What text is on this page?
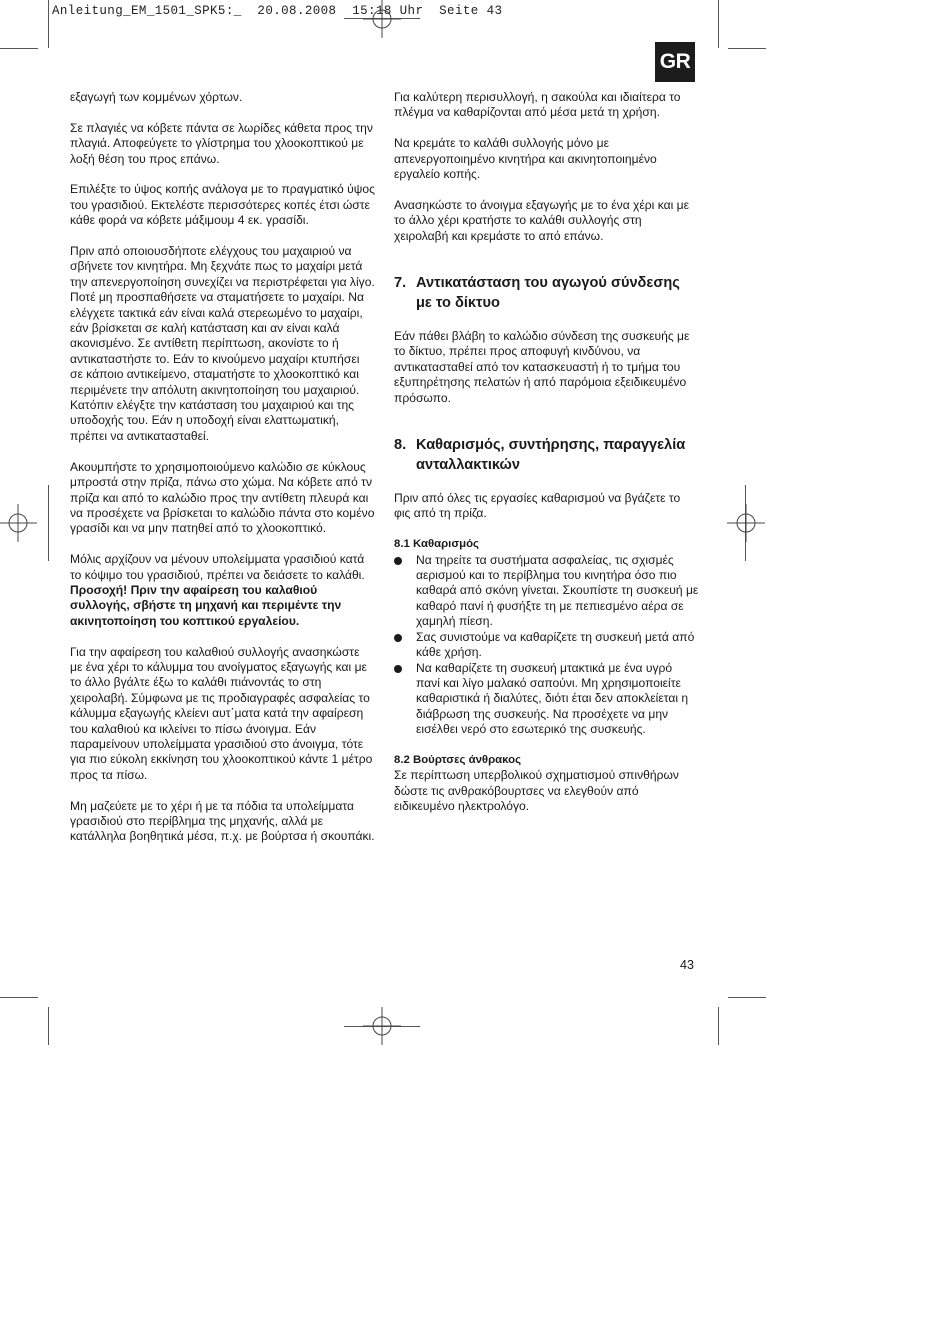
Anleitung_EM_1501_SPK5:_  20.08.2008  15:18 Uhr  Seite 43
GR

εξαγωγή των κομμένων χόρτων.

Σε πλαγιές να κόβετε πάντα σε λωρίδες κάθετα προς την πλαγιά. Αποφεύγετε το γλίστρημα του χλοοκοπτικού με λοξή θέση του προς επάνω.

Επιλέξτε το ύψος κοπής ανάλογα με το πραγματικό ύψος του γρασιδιού. Εκτελέστε περισσότερες κοπές έτσι ώστε κάθε φορά να κόβετε μάξιμουμ 4 εκ. γρασίδι.

Πριν από οποιουσδήποτε ελέγχους του μαχαιριού να σβήνετε τον κινητήρα. Μη ξεχνάτε πως το μαχαίρι μετά την απενεργοποίηση συνεχίζει να περιστρέφεται για λίγο. Ποτέ μη προσπαθήσετε να σταματήσετε το μαχαίρι. Να ελέγχετε τακτικά εάν είναι καλά στερεωμένο το μαχαίρι, εάν βρίσκεται σε καλή κατάσταση και αν είναι καλά ακονισμένο. Σε αντίθετη περίπτωση, ακονίστε το ή αντικαταστήστε το. Εάν το κινούμενο μαχαίρι κτυπήσει σε κάποιο αντικείμενο, σταματήστε το χλοοκοπτικό και περιμένετε την απόλυτη ακινητοποίηση του μαχαιριού. Κατόπιν ελέγξτε την κατάσταση του μαχαιριού και της υποδοχής του. Εάν η υποδοχή είναι ελαττωματική, πρέπει να αντικατασταθεί.

Ακουμπήστε το χρησιμοποιούμενο καλώδιο σε κύκλους μπροστά στην πρίζα, πάνω στο χώμα. Να κόβετε από τν πρίζα και από το καλώδιο προς την αντίθετη πλευρά και να προσέχετε να βρίσκεται το καλώδιο πάντα στο κομένο γρασίδι και να μην πατηθεί από το χλοοκοπτικό.

Μόλις αρχίζουν να μένουν υπολείμματα γρασιδιού κατά το κόψιμο του γρασιδιού, πρέπει να δειάσετε το καλάθι.

Προσοχή! Πριν την αφαίρεση του καλαθιού συλλογής, σβήστε τη μηχανή και περιμέντε την ακινητοποίηση του κοπτικού εργαλείου.

Για την αφαίρεση του καλαθιού συλλογής ανασηκώστε με ένα χέρι το κάλυμμα του ανοίγματος εξαγωγής και με το άλλο βγάλτε έξω το καλάθι πιάνοντάς το στη χειρολαβή. Σύμφωνα με τις προδιαγραφές ασφαλείας το κάλυμμα εξαγωγής κλείεvι αυτ΄ματα κατά την αφαίρεση του καλαθιού κα ικλείνει το πίσω άνοιγμα. Εάν παραμείνουν υπολείμματα γρασιδιού στο άνοιγμα, τότε για πιο εύκολη εκκίνηση του χλοοκοπτικού κάντε 1 μέτρο προς τα πίσω.

Μη μαζεύετε με το χέρι ή με τα πόδια τα υπολείμματα γρασιδιού στο περίβλημα της μηχανής, αλλά με κατάλληλα βοηθητικά μέσα, π.χ. με βούρτσα ή σκουπάκι.

Για καλύτερη περισυλλογή, η σακούλα και ιδιαίτερα το πλέγμα να καθαρίζονται από μέσα μετά τη χρήση.

Να κρεμάτε το καλάθι συλλογής μόνο με απενεργοποιημένο κινητήρα και ακινητοποιημένο εργαλείο κοπής.

Ανασηκώστε το άνοιγμα εξαγωγής με το ένα χέρι και με το άλλο χέρι κρατήστε το καλάθι συλλογής στη χειρολαβή και κρεμάστε το από επάνω.

7. Αντικατάσταση του αγωγού σύνδεσης με το δίκτυο

Εάν πάθει βλάβη το καλώδιο σύνδεση της συσκευής με το δίκτυο, πρέπει προς αποφυγή κινδύνου, να αντικατασταθεί από τον κατασκευαστή ή το τμήμα του εξυπηρέτησης πελατών ή από παρόμοια εξειδικευμένο πρόσωπο.

8. Καθαρισμός, συντήρησης, παραγγελία ανταλλακτικών

Πριν από όλες τις εργασίες καθαρισμού να βγάζετε το φις από τη πρίζα.

8.1 Καθαρισμός
Να τηρείτε τα συστήματα ασφαλείας, τις σχισμές αερισμού και το περίβλημα του κινητήρα όσο πιο καθαρά από σκόνη γίνεται. Σκουπίστε τη συσκευή με καθαρό πανί ή φυσήξτε τη με πεπιεσμένο αέρα σε χαμηλή πίεση.
Σας συνιστούμε να καθαρίζετε τη συσκευή μετά από κάθε χρήση.
Να καθαρίζετε τη συσκευή μτακτικά με ένα υγρό πανί και λίγο μαλακό σαπούνι. Μη χρησιμοποιείτε καθαριστικά ή διαλύτες, διότι έται δεν αποκλείεται η διάβρωση της συσκευής. Να προσέχετε να μην εισέλθει νερό στο εσωτερικό της συσκευής.
8.2 Βούρτσες άνθρακος

Σε περίπτωση υπερβολικού σχηματισμού σπινθήρων δώστε τις ανθρακόβουρτσες να ελεγθούν από ειδικευμένο ηλεκτρολόγο.

43
